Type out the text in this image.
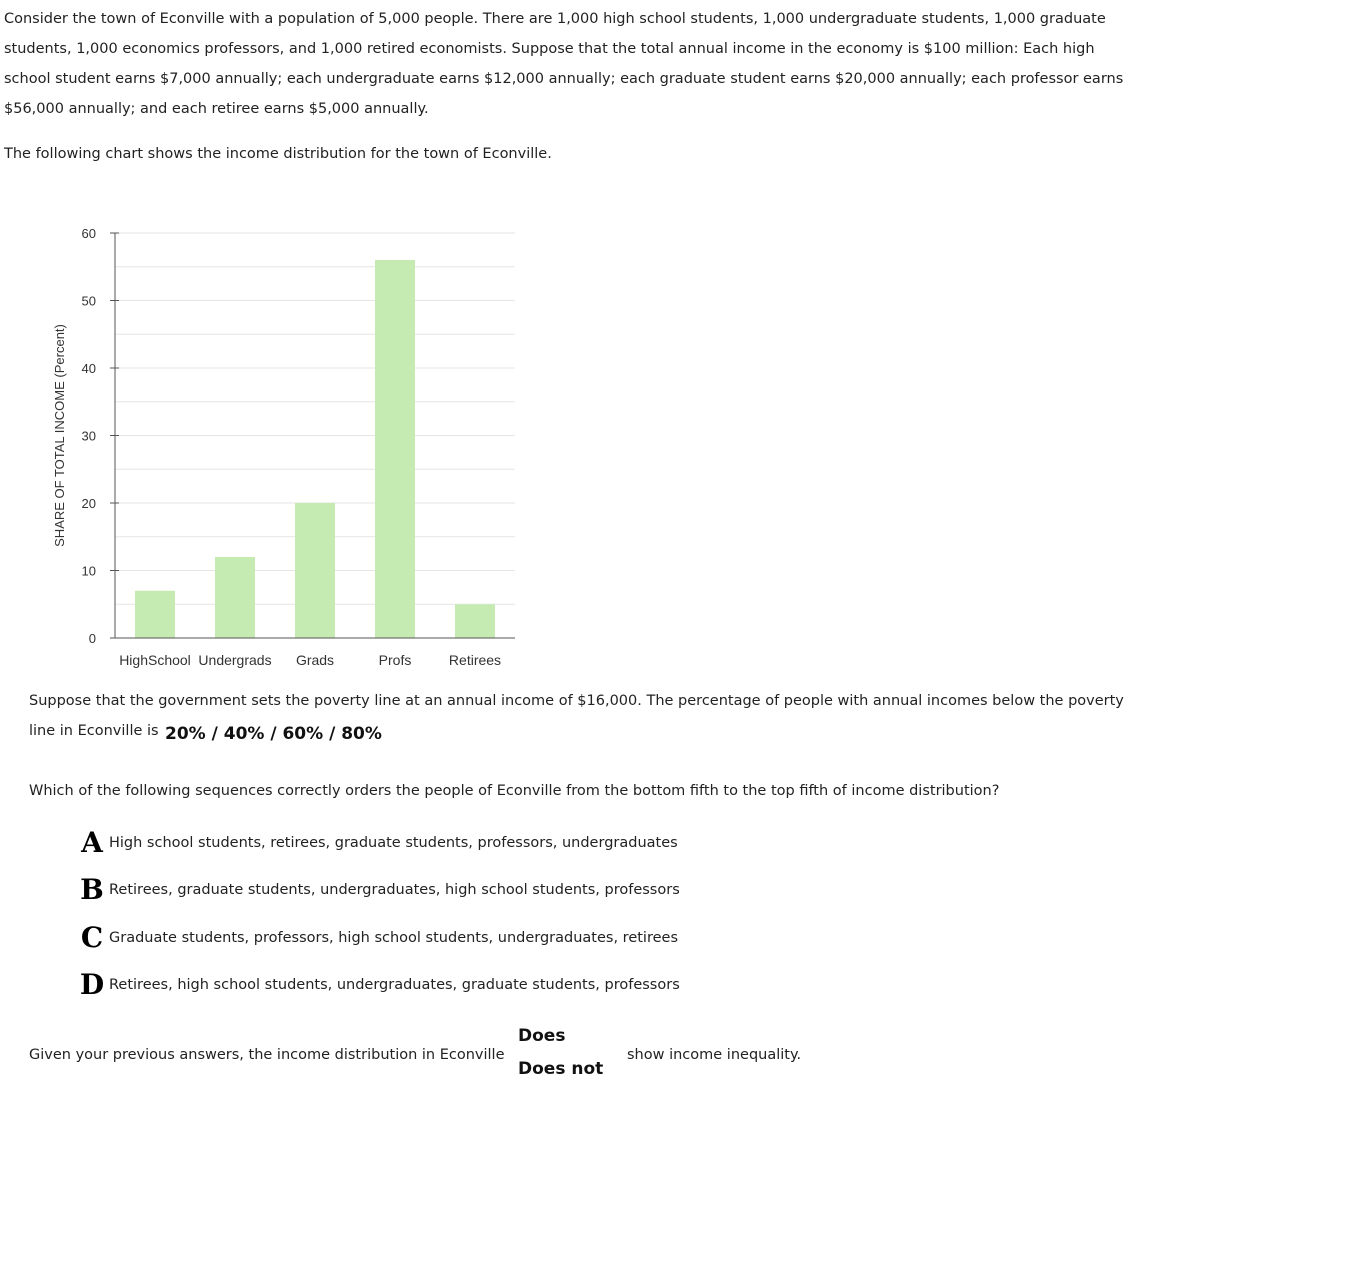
Consider the town of Econville with a population of 5,000 people. There are 1,000 high school students, 1,000 undergraduate students, 1,000 graduate students, 1,000 economics professors, and 1,000 retired economists. Suppose that the total annual income in the economy is $100 million: Each high school student earns $7,000 annually; each undergraduate earns $12,000 annually; each graduate student earns $20,000 annually; each professor earns $56,000 annually; and each retiree earns $5,000 annually.

The following chart shows the income distribution for the town of Econville.

0
10
20
30
40
50
60
SHARE OF TOTAL INCOME (Percent)
HighSchool Undergrads Grads	Profs	Retirees
Suppose that the government sets the poverty line at an annual income of $16,000. The percentage of people with annual incomes below the poverty
line in Econville is 20% / 40% / 60% / 80%

Which of the following sequences correctly orders the people of Econville from the bottom fifth to the top fifth of income distribution?

A High school students, retirees, graduate students, professors, undergraduates
B Retirees, graduate students, undergraduates, high school students, professors
C Graduate students, professors, high school students, undergraduates, retirees
D Retirees, high school students, undergraduates, graduate students, professors
Given your previous answers, the income distribution in Econville
Does
Does not
show income inequality.
